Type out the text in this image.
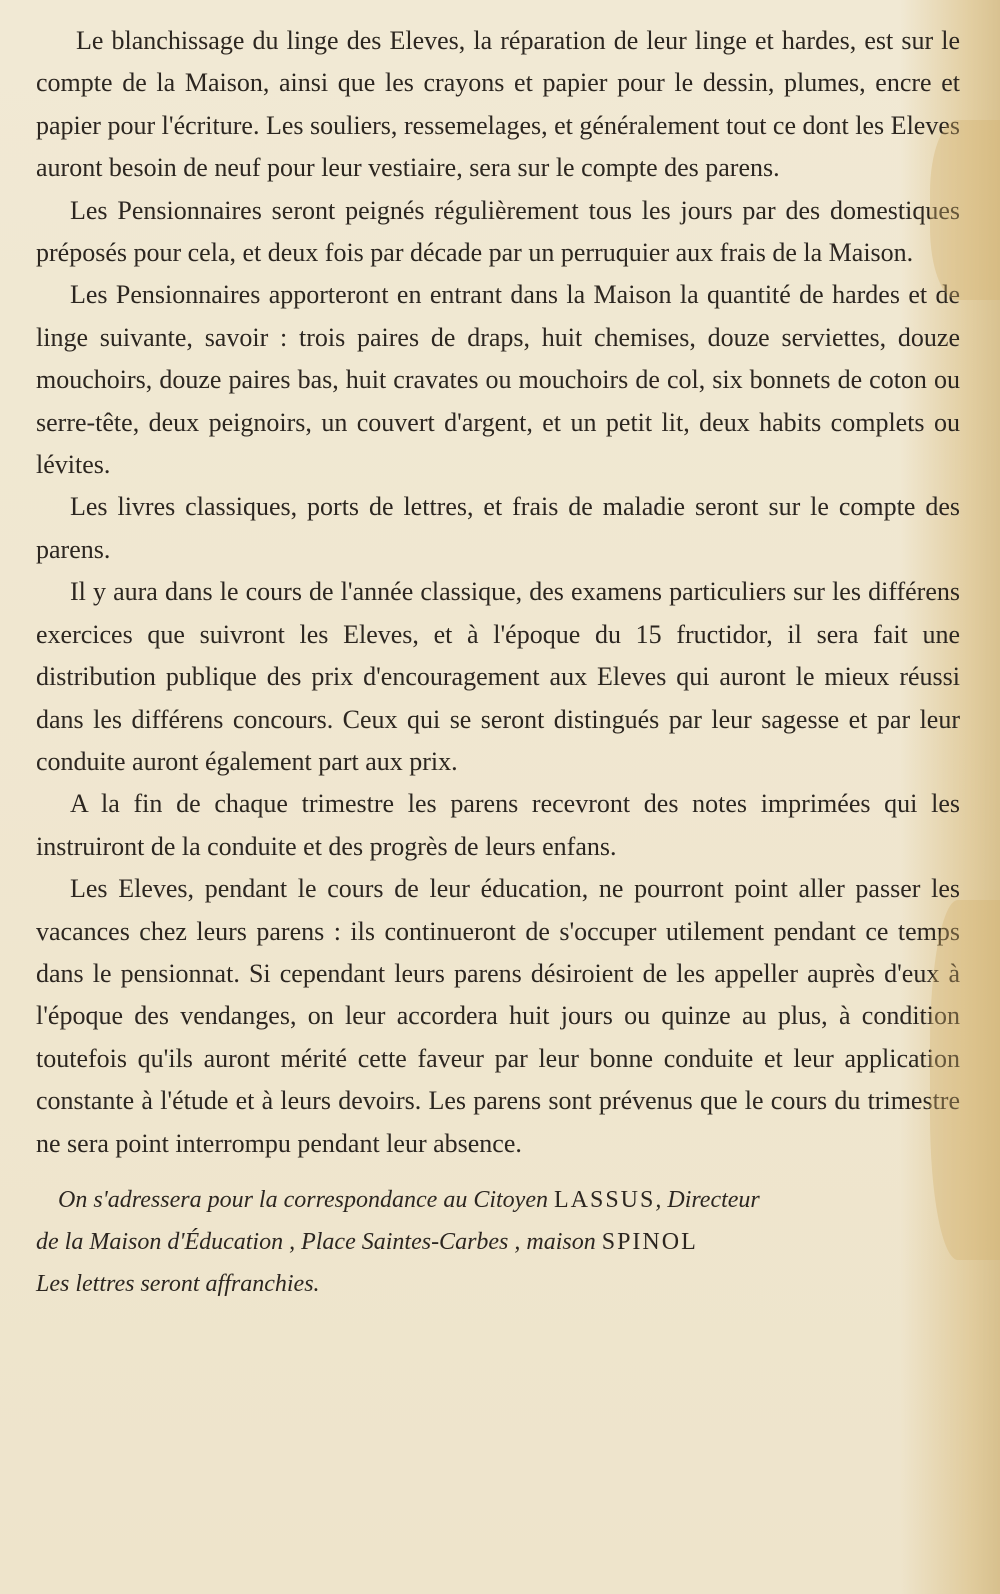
Le blanchissage du linge des Eleves, la réparation de leur linge et hardes, est sur le compte de la Maison, ainsi que les crayons et papier pour le dessin, plumes, encre et papier pour l'écriture. Les souliers, ressemelages, et généralement tout ce dont les Eleves auront besoin de neuf pour leur vestiaire, sera sur le compte des parens.

Les Pensionnaires seront peignés régulièrement tous les jours par des domestiques préposés pour cela, et deux fois par décade par un perruquier aux frais de la Maison.

Les Pensionnaires apporteront en entrant dans la Maison la quantité de hardes et de linge suivante, savoir : trois paires de draps, huit chemises, douze serviettes, douze mouchoirs, douze paires bas, huit cravates ou mouchoirs de col, six bonnets de coton ou serre-tête, deux peignoirs, un couvert d'argent, et un petit lit, deux habits complets ou lévites.

Les livres classiques, ports de lettres, et frais de maladie seront sur le compte des parens.

Il y aura dans le cours de l'année classique, des examens particuliers sur les différens exercices que suivront les Eleves, et à l'époque du 15 fructidor, il sera fait une distribution publique des prix d'encouragement aux Eleves qui auront le mieux réussi dans les différens concours. Ceux qui se seront distingués par leur sagesse et par leur conduite auront également part aux prix.

A la fin de chaque trimestre les parens recevront des notes imprimées qui les instruiront de la conduite et des progrès de leurs enfans.

Les Eleves, pendant le cours de leur éducation, ne pourront point aller passer les vacances chez leurs parens : ils continueront de s'occuper utilement pendant ce temps dans le pensionnat. Si cependant leurs parens désiroient de les appeller auprès d'eux à l'époque des vendanges, on leur accordera huit jours ou quinze au plus, à condition toutefois qu'ils auront mérité cette faveur par leur bonne conduite et leur application constante à l'étude et à leurs devoirs. Les parens sont prévenus que le cours du trimestre ne sera point interrompu pendant leur absence.

On s'adressera pour la correspondance au Citoyen LASSUS, Directeur

de la Maison d'Éducation , Place Saintes-Carbes , maison SPINOL

Les lettres seront affranchies.
